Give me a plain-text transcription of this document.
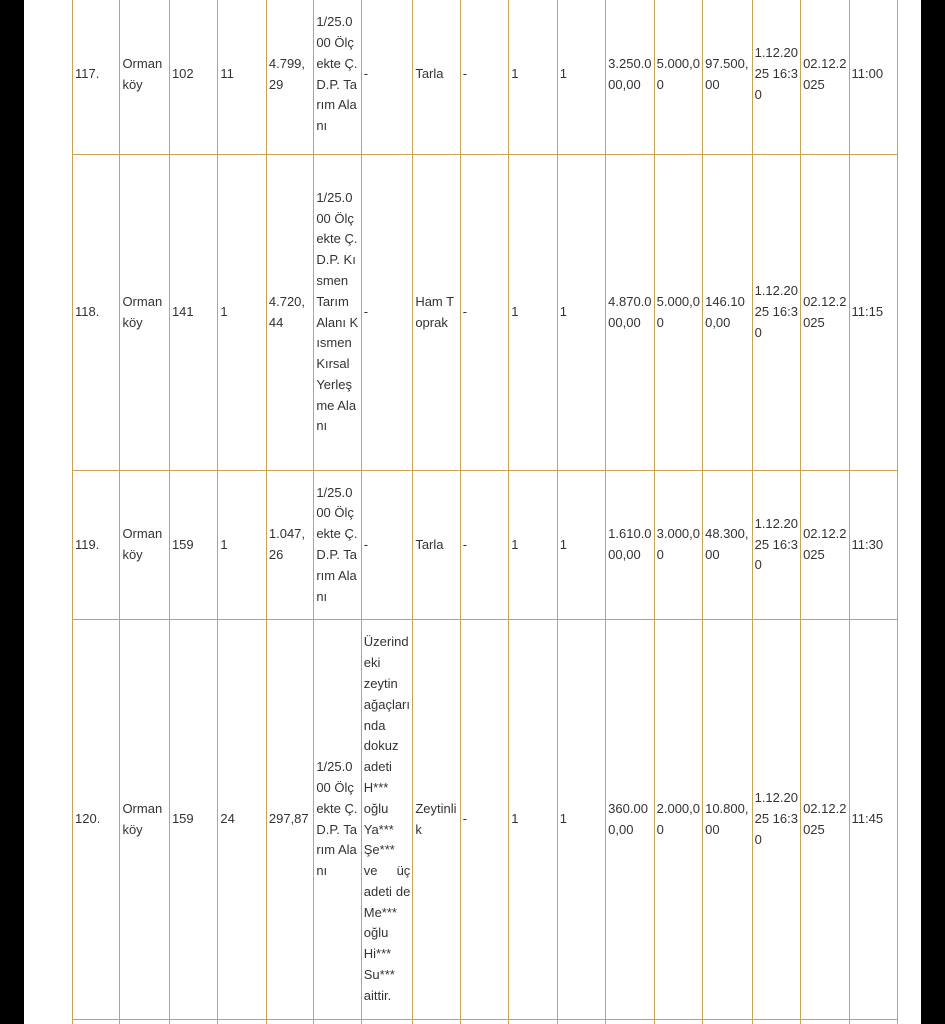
117.	Orman köy	102	11	4.799,29	1/25.000 Ölçekte Ç.D.P. Tarım Alanı	-	Tarla	-	1	1	3.250.000,00	5.000,00	97.500,00	1.12.2025 16:30	02.12.2025	11:00
118.	Orman köy	141	1	4.720,44	1/25.000 Ölçekte Ç.D.P. Kısmen Tarım Alanı Kısmen Kırsal Yerleşme Alanı	-	Ham Toprak	-	1	1	4.870.000,00	5.000,00	146.100,00	1.12.2025 16:30	02.12.2025	11:15
119.	Orman köy	159	1	1.047,26	1/25.000 Ölçekte Ç.D.P. Tarım Alanı	-	Tarla	-	1	1	1.610.000,00	3.000,00	48.300,00	1.12.2025 16:30	02.12.2025	11:30
120.	Orman köy	159	24	297,87	1/25.000 Ölçekte Ç.D.P. Tarım Alanı	Üzerindeki zeytin ağaçlarında dokuz adeti H*** oğlu Ya*** Şe*** ve üç adeti de Me*** oğlu Hi*** Su*** aittir.	Zeytinlik	-	1	1	360.000,00	2.000,00	10.800,00	1.12.2025 16:30	02.12.2025	11:45
